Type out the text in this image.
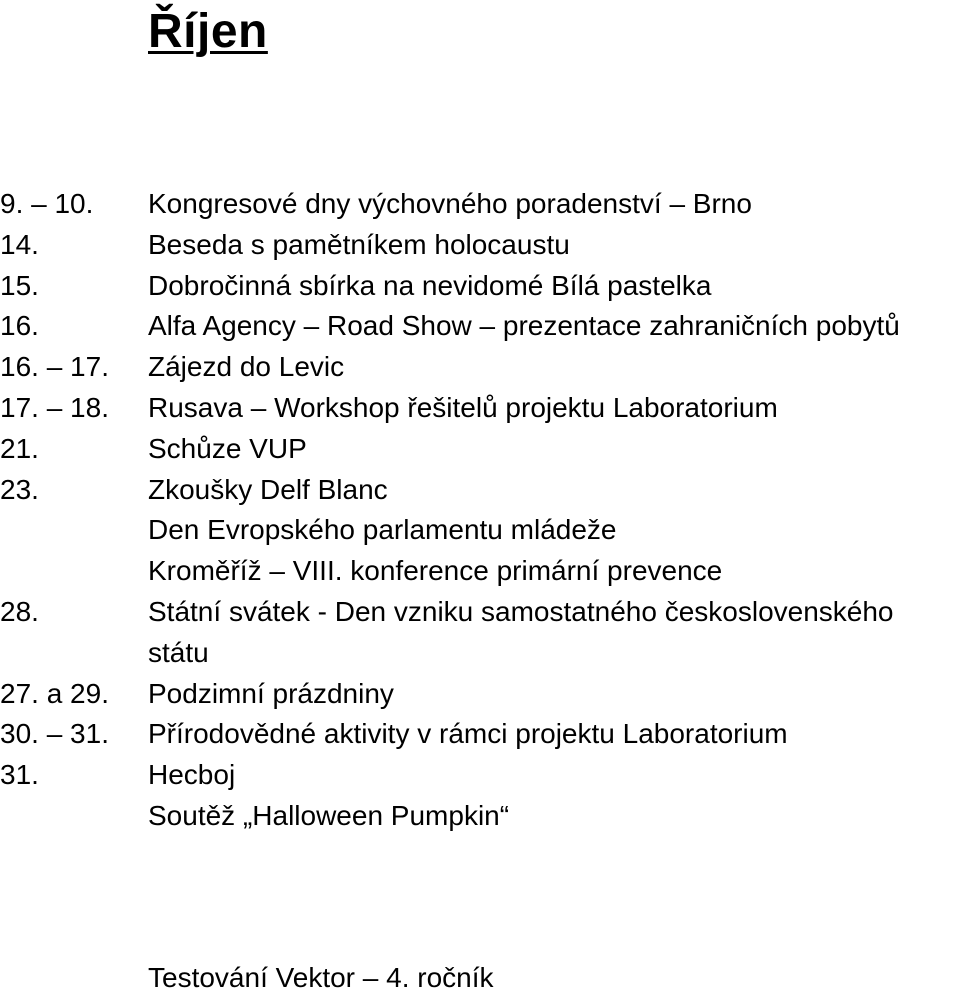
Říjen
9. – 10.	Kongresové dny výchovného poradenství – Brno
14.	Beseda s pamětníkem holocaustu
15.	Dobročinná sbírka na nevidomé Bílá pastelka
16.	Alfa Agency – Road Show – prezentace zahraničních pobytů
16. – 17.	Zájezd do Levic
17. – 18.	Rusava – Workshop řešitelů projektu Laboratorium
21.	Schůze VUP
23.	Zkoušky Delf Blanc
Den Evropského parlamentu mládeže
Kroměříž – VIII. konference primární prevence
28.	Státní svátek - Den vzniku samostatného československého státu
27. a 29.	Podzimní prázdniny
30. – 31.	Přírodovědné aktivity v rámci projektu Laboratorium
31.	Hecboj
Soutěž „Halloween Pumpkin“
Testování Vektor – 4. ročník
